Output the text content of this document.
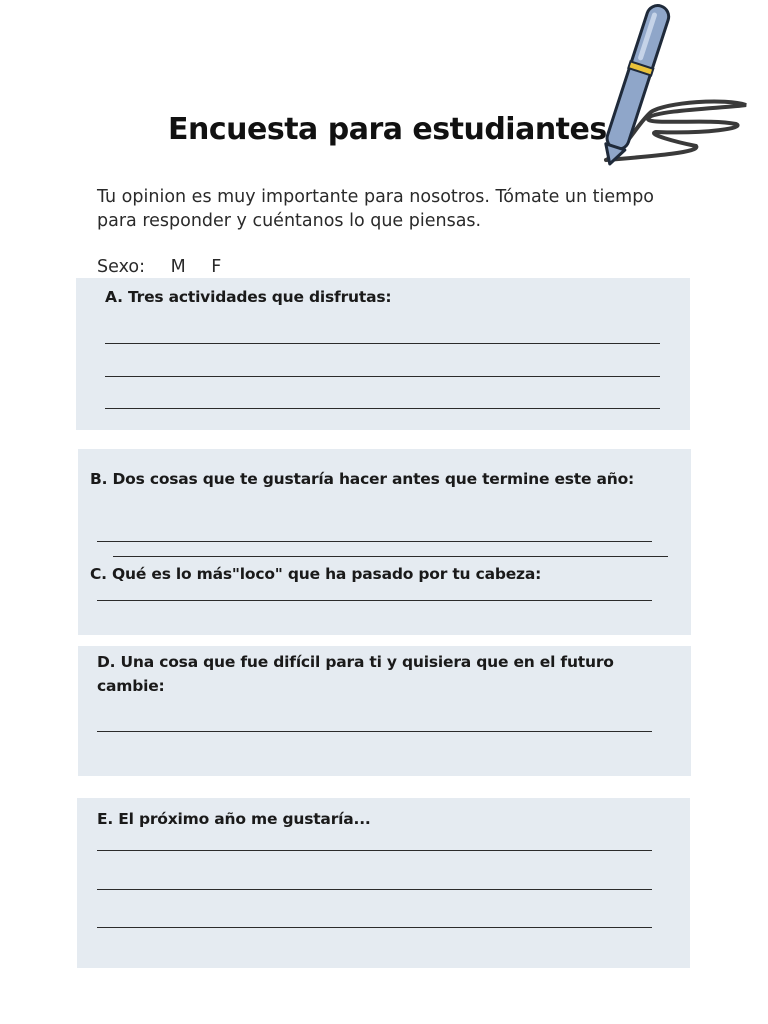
Encuesta para estudiantes
Tu opinion es muy importante para nosotros. Tómate un tiempo para responder y cuéntanos lo que piensas.
Sexo: M F
A. Tres actividades que disfrutas:
B. Dos cosas que te gustaría hacer antes que termine este año:
C. Qué es lo más"loco" que ha pasado por tu cabeza:
D. Una cosa que fue difícil para ti y quisiera que en el futuro cambie:
E. El próximo año me gustaría...
